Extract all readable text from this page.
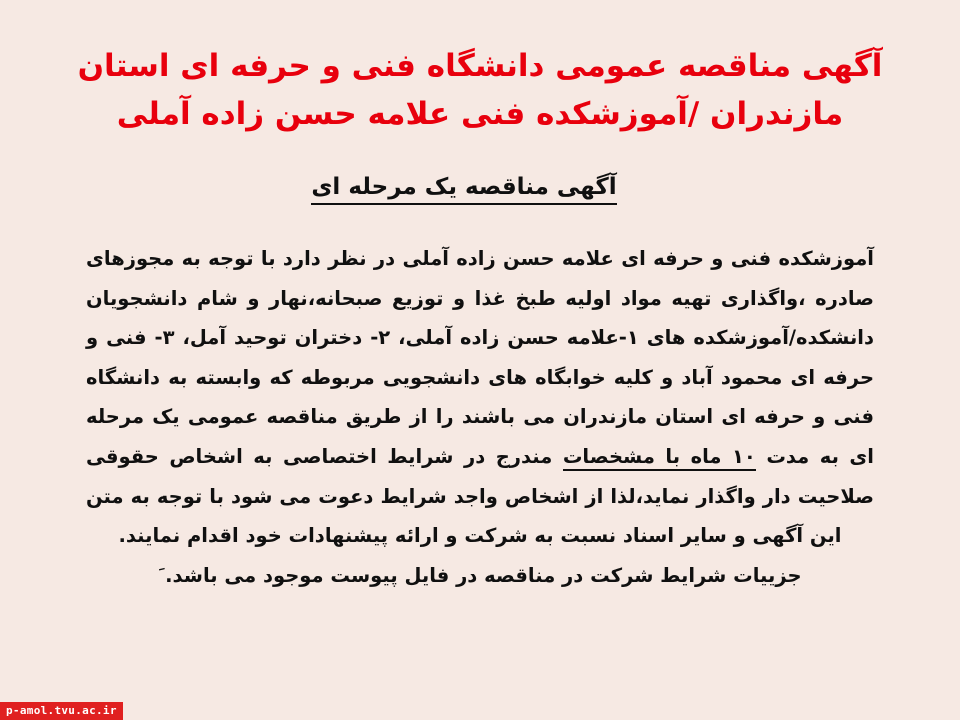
آگهی مناقصه عمومی دانشگاه فنی و حرفه ای استان
مازندران /آموزشکده فنی علامه حسن زاده آملی
آگهی مناقصه یک مرحله ای
آموزشکده فنی و حرفه ای علامه حسن زاده آملی در نظر دارد با توجه به مجوزهای صادره ،واگذاری تهیه مواد اولیه طبخ غذا و توزیع صبحانه،نهار و شام دانشجویان دانشکده/آموزشکده های ۱-علامه حسن زاده آملی، ۲- دختران توحید آمل، ۳- فنی و حرفه ای محمود آباد و کلیه خوابگاه های دانشجویی مربوطه که وابسته به دانشگاه فنی و حرفه ای استان مازندران می باشند را از طریق مناقصه عمومی یک مرحله ای به مدت ۱۰ ماه با مشخصات مندرج در شرایط اختصاصی به اشخاص حقوقی صلاحیت دار واگذار نماید،لذا از اشخاص واجد شرایط دعوت می شود با توجه به متن این آگهی و سایر اسناد نسبت به شرکت و ارائه پیشنهادات خود اقدام نمایند.
جزییات شرایط شرکت در مناقصه در فایل پیوست موجود می باشد. َ
p-amol.tvu.ac.ir
